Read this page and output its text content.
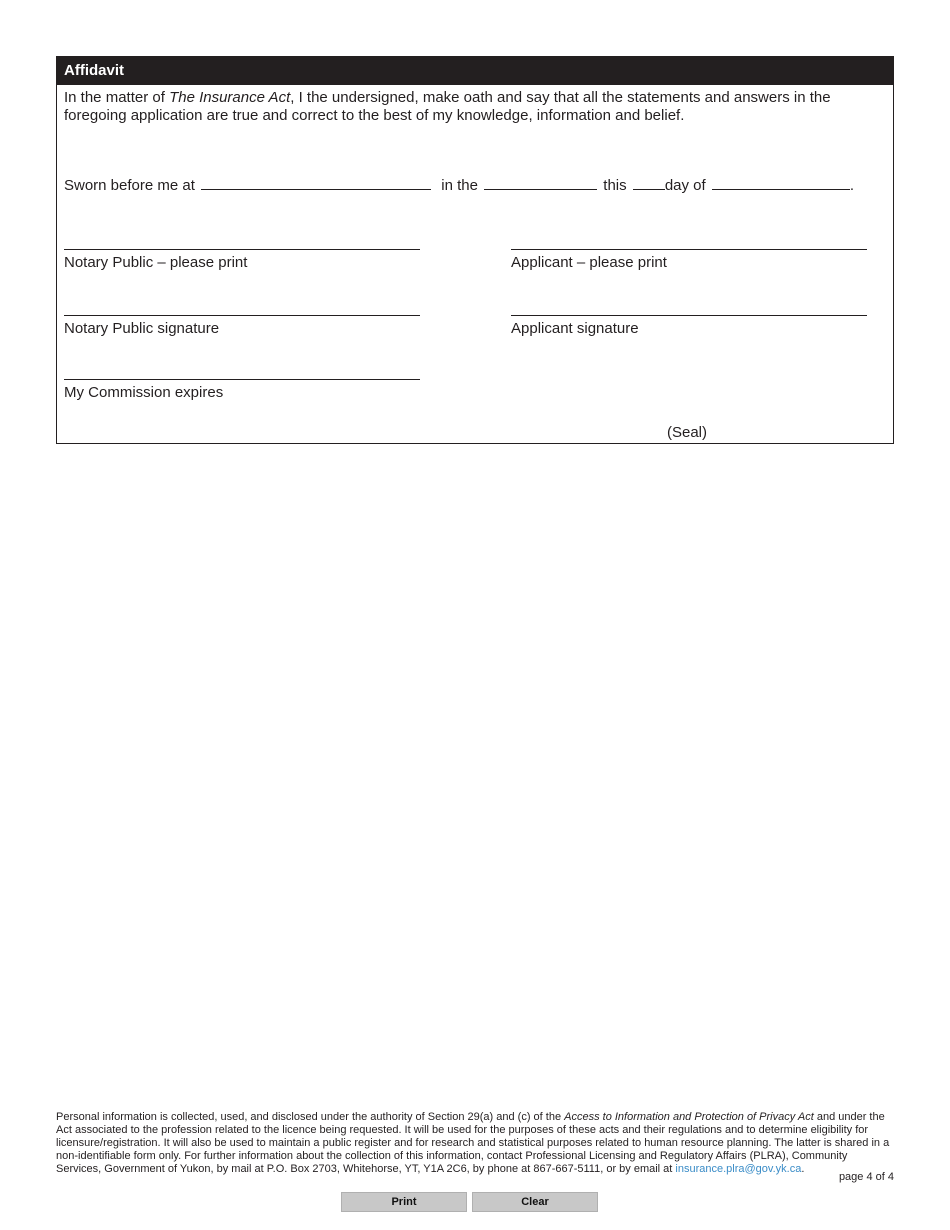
Affidavit
In the matter of The Insurance Act, I the undersigned, make oath and say that all the statements and answers in the foregoing application are true and correct to the best of my knowledge, information and belief.
Sworn before me at	in the	this	day of	.
Notary Public – please print	Applicant – please print
Notary Public signature	Applicant signature
My Commission expires
(Seal)
Personal information is collected, used, and disclosed under the authority of Section 29(a) and (c) of the Access to Information and Protection of Privacy Act and under the Act associated to the profession related to the licence being requested. It will be used for the purposes of these acts and their regulations and to determine eligibility for licensure/registration. It will also be used to maintain a public register and for research and statistical purposes related to human resource planning. The latter is shared in a non-identifiable form only. For further information about the collection of this information, contact Professional Licensing and Regulatory Affairs (PLRA), Community Services, Government of Yukon, by mail at P.O. Box 2703, Whitehorse, YT, Y1A 2C6, by phone at 867-667-5111, or by email at insurance.plra@gov.yk.ca.
page 4 of 4
Print	Clear
